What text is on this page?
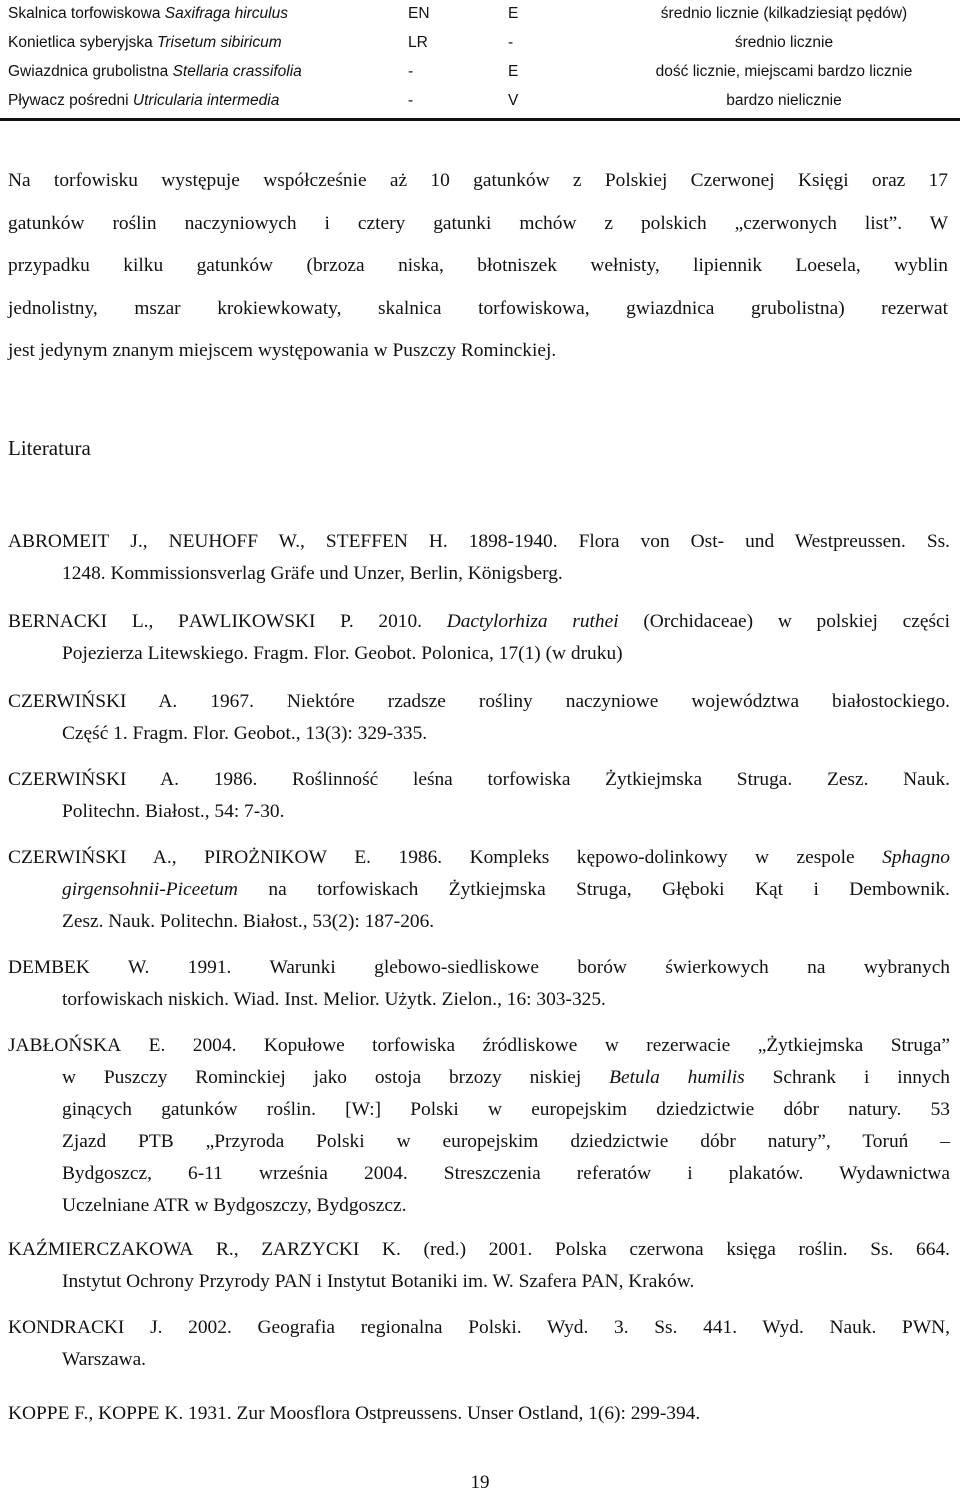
Skalnica torfowiskowa Saxifraga hirculus	EN	E	średnio licznie (kilkadziesiąt pędów)
Konietlica syberyjska Trisetum sibiricum	LR	-	średnio licznie
Gwiazdnica grubolistna Stellaria crassifolia	-	E	dość licznie, miejscami bardzo licznie
Pływacz pośredni Utricularia intermedia	-	V	bardzo nielicznie
Na torfowisku występuje współcześnie aż 10 gatunków z Polskiej Czerwonej Księgi oraz 17
gatunków roślin naczyniowych i cztery gatunki mchów z polskich „czerwonych list”. W
przypadku kilku gatunków (brzoza niska, błotniszek wełnisty, lipiennik Loesela, wyblin
jednolistny, mszar krokiewkowaty, skalnica torfowiskowa, gwiazdnica grubolistna) rezerwat
jest jedynym znanym miejscem występowania w Puszczy Rominckiej.
Literatura
ABROMEIT J., NEUHOFF W., STEFFEN H. 1898-1940. Flora von Ost- und Westpreussen. Ss.
1248. Kommissionsverlag Gräfe und Unzer, Berlin, Königsberg.
BERNACKI L., PAWLIKOWSKI P. 2010. Dactylorhiza ruthei (Orchidaceae) w polskiej części
Pojezierza Litewskiego. Fragm. Flor. Geobot. Polonica, 17(1) (w druku)
CZERWIŃSKI A. 1967. Niektóre rzadsze rośliny naczyniowe województwa białostockiego.
Część 1. Fragm. Flor. Geobot., 13(3): 329-335.
CZERWIŃSKI A. 1986. Roślinność leśna torfowiska Żytkiejmska Struga. Zesz. Nauk.
Politechn. Białost., 54: 7-30.
CZERWIŃSKI A., PIROŻNIKOW E. 1986. Kompleks kępowo-dolinkowy w zespole Sphagno
girgensohnii-Piceetum na torfowiskach Żytkiejmska Struga, Głęboki Kąt i Dembownik.
Zesz. Nauk. Politechn. Białost., 53(2): 187-206.
DEMBEK W. 1991. Warunki glebowo-siedliskowe borów świerkowych na wybranych
torfowiskach niskich. Wiad. Inst. Melior. Użytk. Zielon., 16: 303-325.
JABŁOŃSKA E. 2004. Kopułowe torfowiska źródliskowe w rezerwacie „Żytkiejmska Struga”
w Puszczy Rominckiej jako ostoja brzozy niskiej Betula humilis Schrank i innych
ginących gatunków roślin. [W:] Polski w europejskim dziedzictwie dóbr natury. 53
Zjazd PTB „Przyroda Polski w europejskim dziedzictwie dóbr natury”, Toruń –
Bydgoszcz, 6-11 września 2004. Streszczenia referatów i plakatów. Wydawnictwa
Uczelniane ATR w Bydgoszczy, Bydgoszcz.
KAŹMIERCZAKOWA R., ZARZYCKI K. (red.) 2001. Polska czerwona księga roślin. Ss. 664.
Instytut Ochrony Przyrody PAN i Instytut Botaniki im. W. Szafera PAN, Kraków.
KONDRACKI J. 2002. Geografia regionalna Polski. Wyd. 3. Ss. 441. Wyd. Nauk. PWN,
Warszawa.
KOPPE F., KOPPE K. 1931. Zur Moosflora Ostpreussens. Unser Ostland, 1(6): 299-394.
19
